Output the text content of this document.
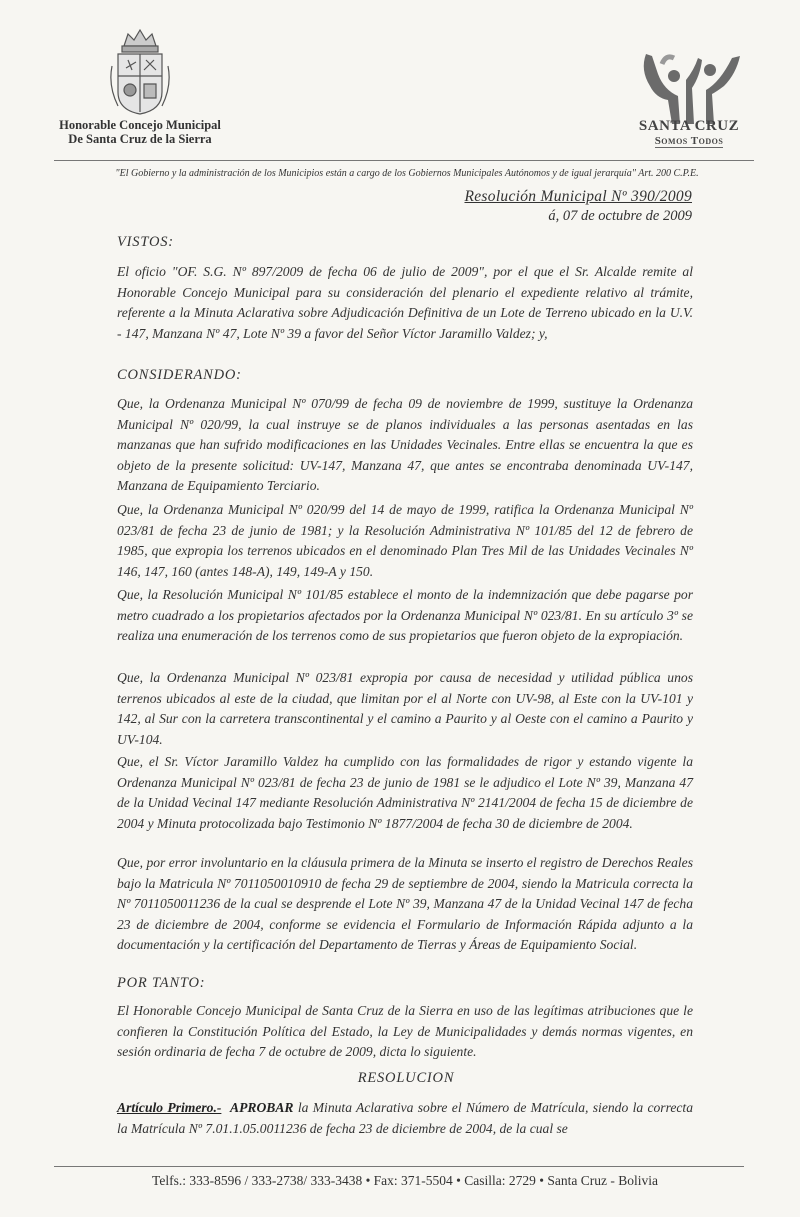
Honorable Concejo Municipal
De Santa Cruz de la Sierra
SANTA CRUZ
Somos Todos
"El Gobierno y la administración de los Municipios están a cargo de los Gobiernos Municipales Autónomos y de igual jerarquía" Art. 200 C.P.E.
Resolución Municipal Nº 390/2009
á, 07 de octubre de 2009
VISTOS:

El oficio "OF. S.G. Nº 897/2009 de fecha 06 de julio de 2009", por el que el Sr. Alcalde remite al Honorable Concejo Municipal para su consideración del plenario el expediente relativo al trámite, referente a la Minuta Aclarativa sobre Adjudicación Definitiva de un Lote de Terreno ubicado en la U.V. - 147, Manzana Nº 47, Lote Nº 39 a favor del Señor Víctor Jaramillo Valdez; y,

CONSIDERANDO:

Que, la Ordenanza Municipal Nº 070/99 de fecha 09 de noviembre de 1999, sustituye la Ordenanza Municipal Nº 020/99, la cual instruye se de planos individuales a las personas asentadas en las manzanas que han sufrido modificaciones en las Unidades Vecinales. Entre ellas se encuentra la que es objeto de la presente solicitud: UV-147, Manzana 47, que antes se encontraba denominada UV-147, Manzana de Equipamiento Terciario.

Que, la Ordenanza Municipal Nº 020/99 del 14 de mayo de 1999, ratifica la Ordenanza Municipal Nº 023/81 de fecha 23 de junio de 1981; y la Resolución Administrativa Nº 101/85 del 12 de febrero de 1985, que expropia los terrenos ubicados en el denominado Plan Tres Mil de las Unidades Vecinales Nº 146, 147, 160 (antes 148-A), 149, 149-A y 150.

Que, la Resolución Municipal Nº 101/85 establece el monto de la indemnización que debe pagarse por metro cuadrado a los propietarios afectados por la Ordenanza Municipal Nº 023/81. En su artículo 3º se realiza una enumeración de los terrenos como de sus propietarios que fueron objeto de la expropiación.

Que, la Ordenanza Municipal Nº 023/81 expropia por causa de necesidad y utilidad pública unos terrenos ubicados al este de la ciudad, que limitan por el al Norte con UV-98, al Este con la UV-101 y 142, al Sur con la carretera transcontinental y el camino a Paurito y al Oeste con el camino a Paurito y UV-104.

Que, el Sr. Víctor Jaramillo Valdez ha cumplido con las formalidades de rigor y estando vigente la Ordenanza Municipal Nº 023/81 de fecha 23 de junio de 1981 se le adjudico el Lote Nº 39, Manzana 47 de la Unidad Vecinal 147 mediante Resolución Administrativa Nº 2141/2004 de fecha 15 de diciembre de 2004 y Minuta protocolizada bajo Testimonio Nº 1877/2004 de fecha 30 de diciembre de 2004.

Que, por error involuntario en la cláusula primera de la Minuta se inserto el registro de Derechos Reales bajo la Matricula Nº 7011050010910 de fecha 29 de septiembre de 2004, siendo la Matricula correcta la Nº 7011050011236 de la cual se desprende el Lote Nº 39, Manzana 47 de la Unidad Vecinal 147 de fecha 23 de diciembre de 2004, conforme se evidencia el Formulario de Información Rápida adjunto a la documentación y la certificación del Departamento de Tierras y Áreas de Equipamiento Social.

POR TANTO:

El Honorable Concejo Municipal de Santa Cruz de la Sierra en uso de las legítimas atribuciones que le confieren la Constitución Política del Estado, la Ley de Municipalidades y demás normas vigentes, en sesión ordinaria de fecha 7 de octubre de 2009, dicta lo siguiente.

RESOLUCION

Artículo Primero.- APROBAR la Minuta Aclarativa sobre el Número de Matrícula, siendo la correcta la Matrícula Nº 7.01.1.05.0011236 de fecha 23 de diciembre de 2004, de la cual se

Telfs.: 333-8596 / 333-2738/ 333-3438 • Fax: 371-5504 • Casilla: 2729 • Santa Cruz - Bolivia
